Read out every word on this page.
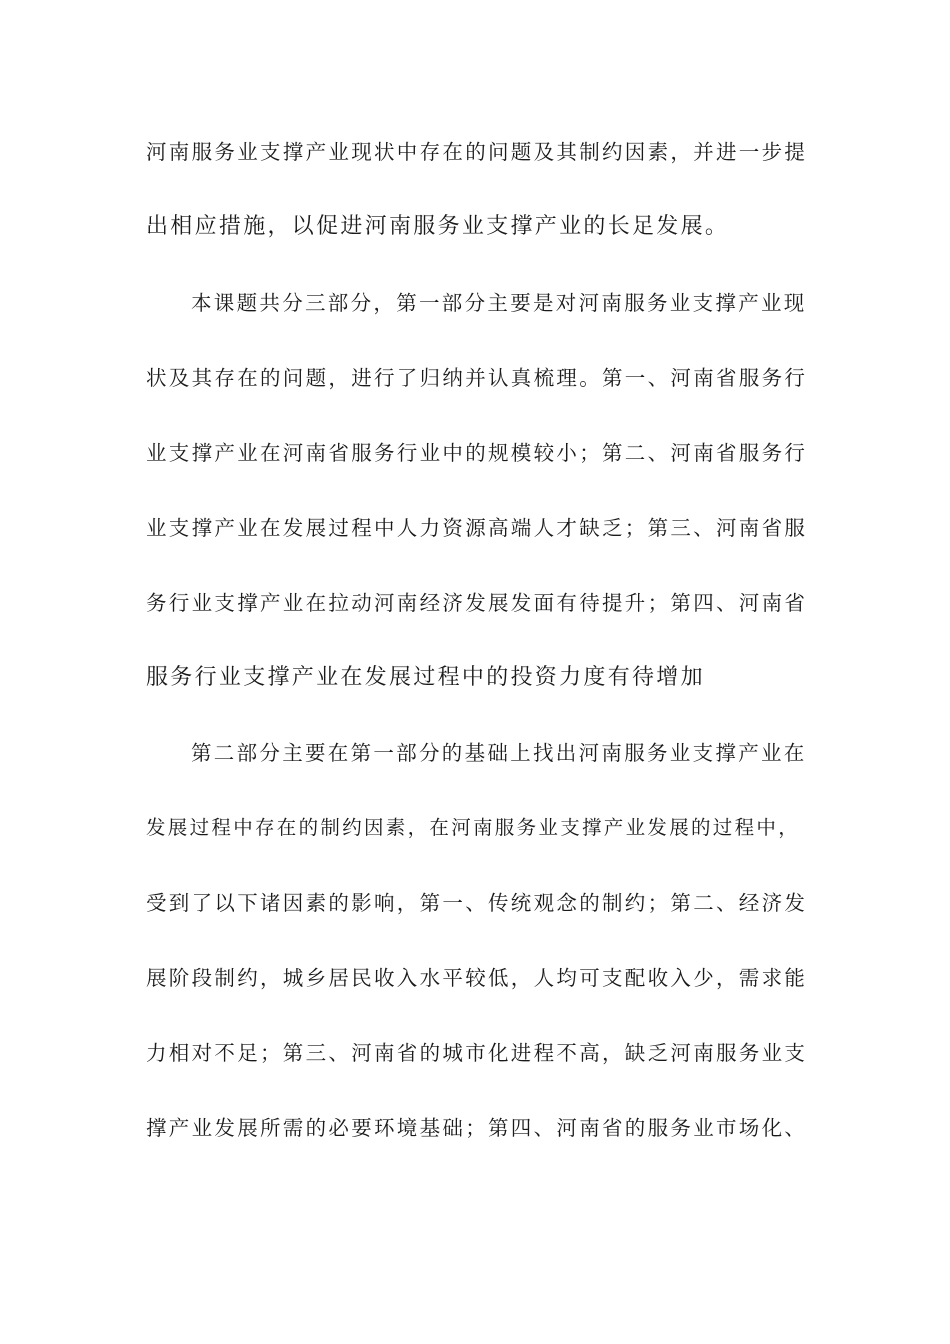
河南服务业支撑产业现状中存在的问题及其制约因素，并进一步提
出相应措施，以促进河南服务业支撑产业的长足发展。
本课题共分三部分，第一部分主要是对河南服务业支撑产业现
状及其存在的问题，进行了归纳并认真梳理。第一、河南省服务行
业支撑产业在河南省服务行业中的规模较小；第二、河南省服务行
业支撑产业在发展过程中人力资源高端人才缺乏；第三、河南省服
务行业支撑产业在拉动河南经济发展发面有待提升；第四、河南省
服务行业支撑产业在发展过程中的投资力度有待增加
第二部分主要在第一部分的基础上找出河南服务业支撑产业在
发展过程中存在的制约因素，在河南服务业支撑产业发展的过程中，
受到了以下诸因素的影响，第一、传统观念的制约；第二、经济发
展阶段制约，城乡居民收入水平较低，人均可支配收入少，需求能
力相对不足；第三、河南省的城市化进程不高，缺乏河南服务业支
撑产业发展所需的必要环境基础；第四、河南省的服务业市场化、
